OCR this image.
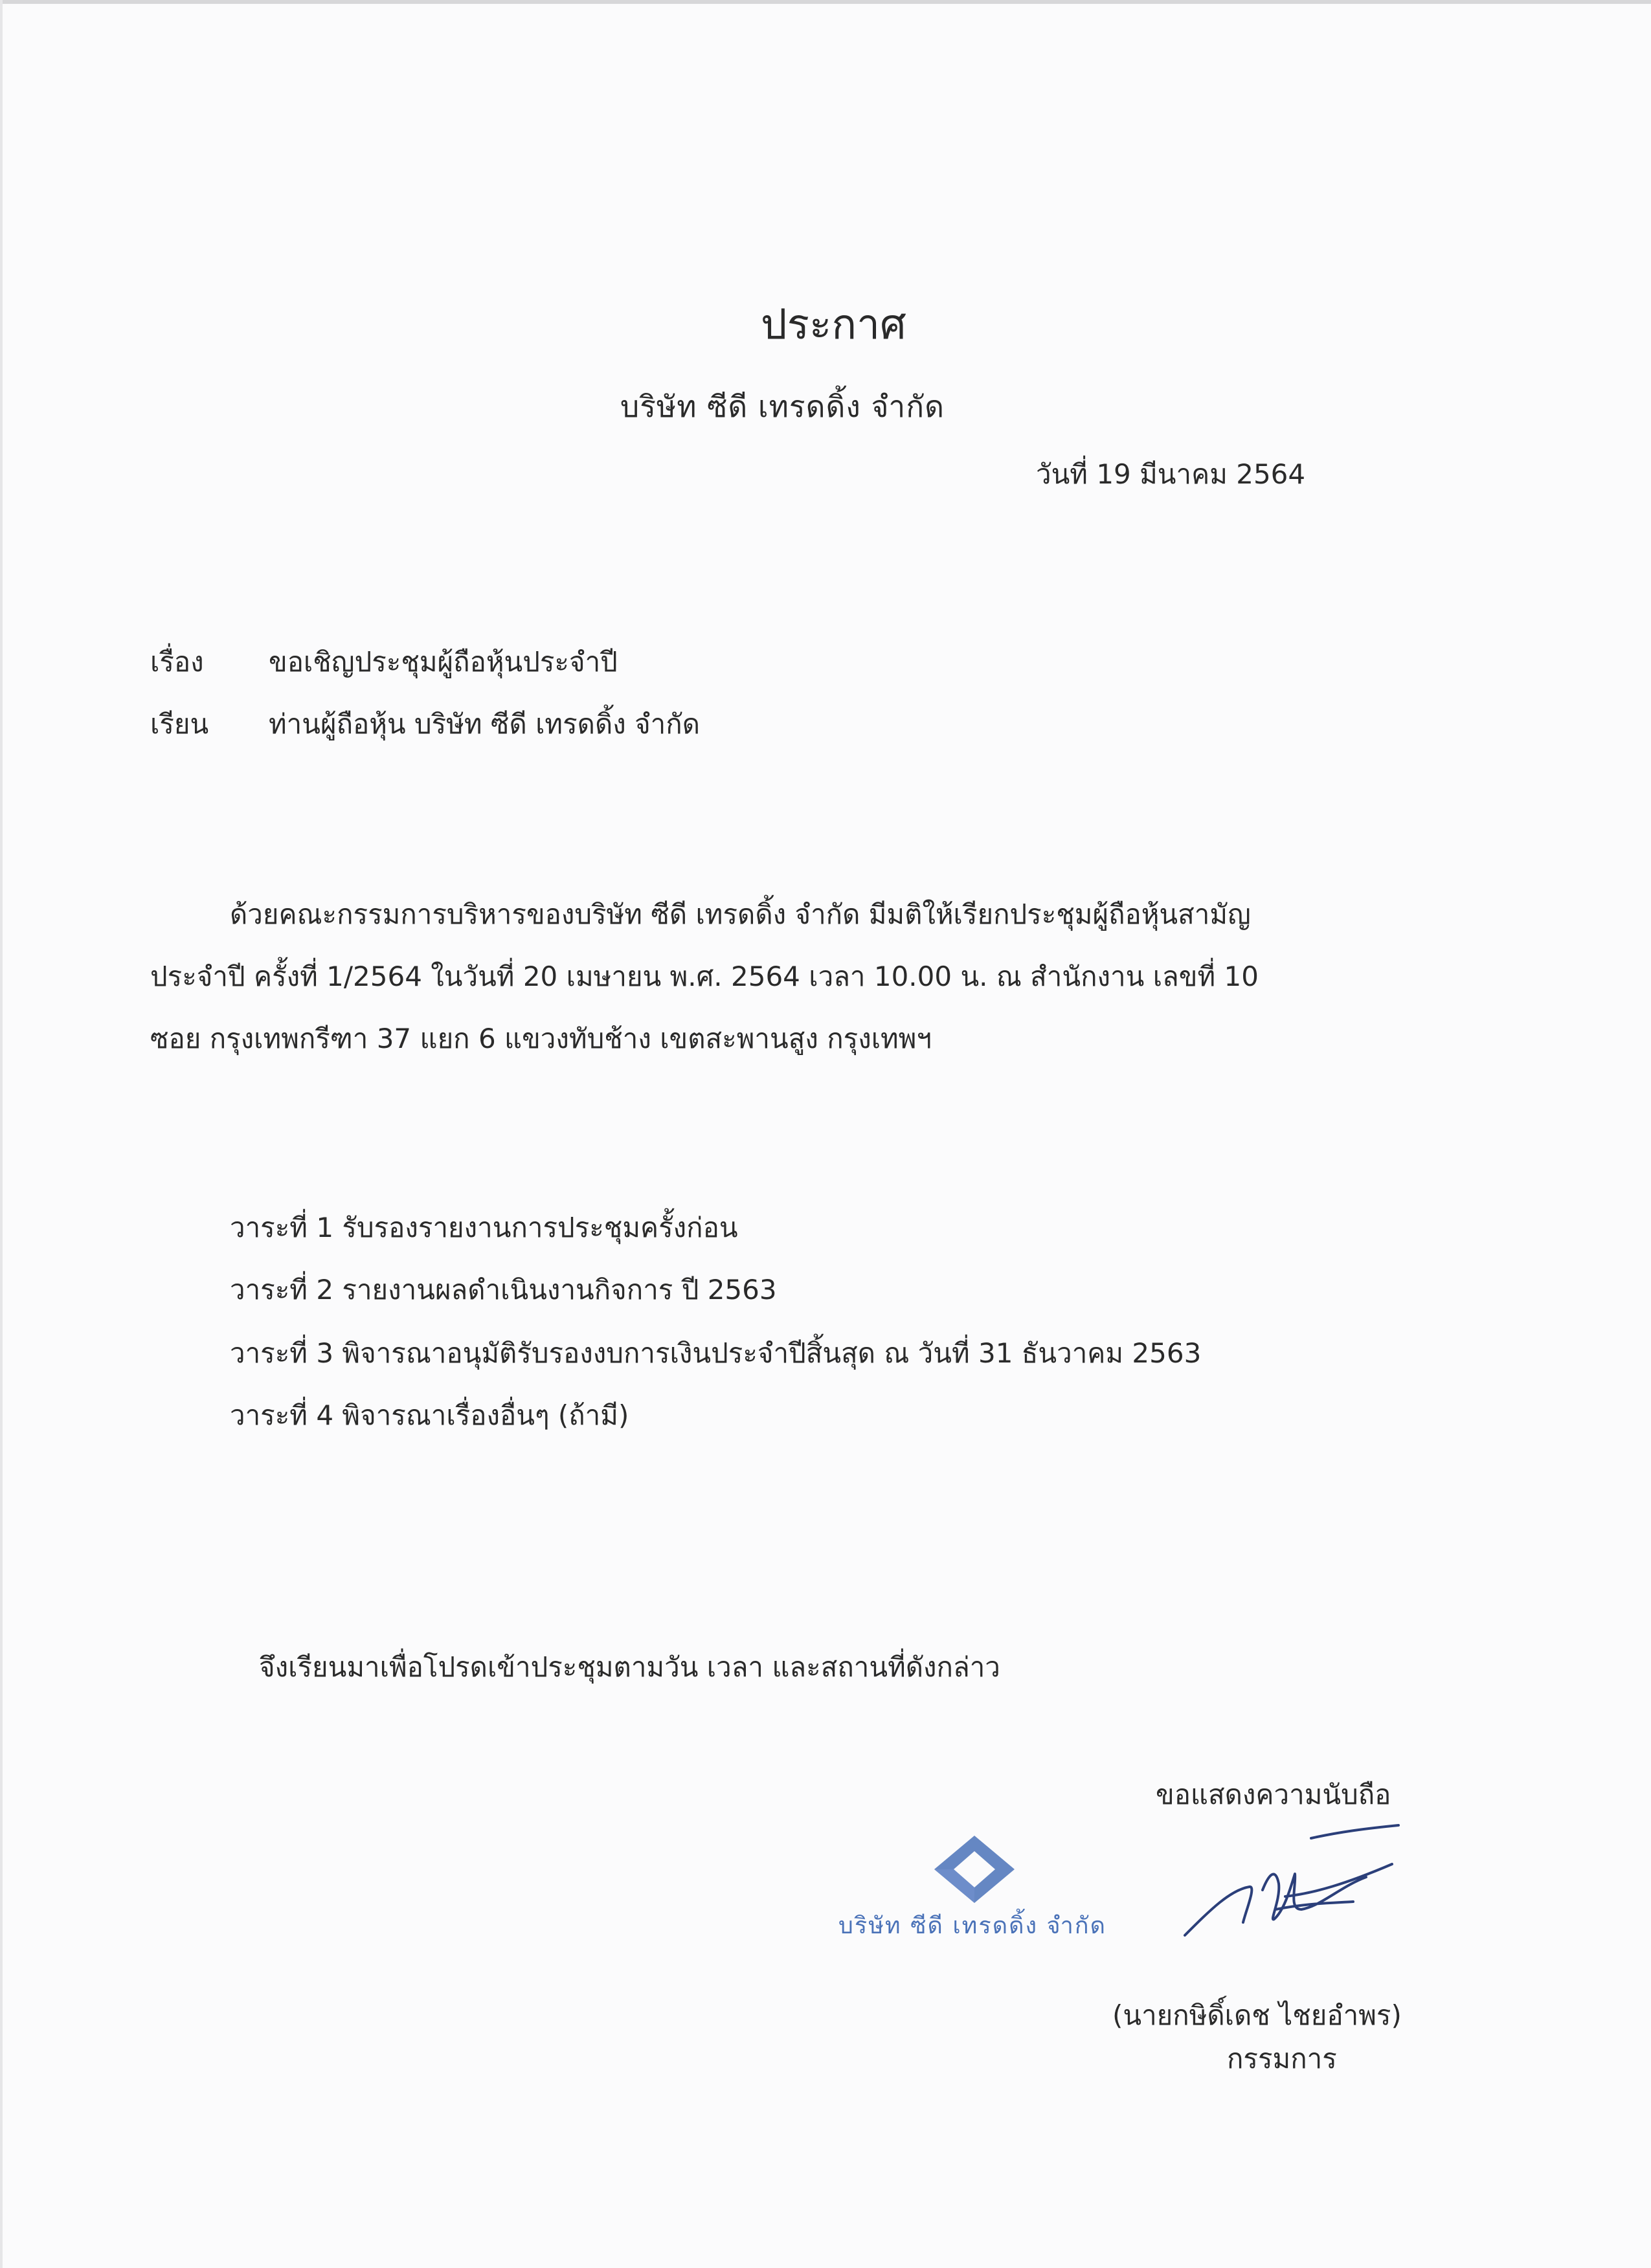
ประกาศ
บริษัท ซีดี เทรดดิ้ง จำกัด
วันที่ 19 มีนาคม 2564
เรื่อง ขอเชิญประชุมผู้ถือหุ้นประจำปี
เรียน ท่านผู้ถือหุ้น บริษัท ซีดี เทรดดิ้ง จำกัด
ด้วยคณะกรรมการบริหารของบริษัท ซีดี เทรดดิ้ง จำกัด มีมติให้เรียกประชุมผู้ถือหุ้นสามัญ
ประจำปี ครั้งที่ 1/2564 ในวันที่ 20 เมษายน พ.ศ. 2564 เวลา 10.00 น. ณ สำนักงาน เลขที่ 10
ซอย กรุงเทพกรีฑา 37 แยก 6 แขวงทับช้าง เขตสะพานสูง กรุงเทพฯ
วาระที่ 1 รับรองรายงานการประชุมครั้งก่อน
วาระที่ 2 รายงานผลดำเนินงานกิจการ ปี 2563
วาระที่ 3 พิจารณาอนุมัติรับรองงบการเงินประจำปีสิ้นสุด ณ วันที่ 31 ธันวาคม 2563
วาระที่ 4 พิจารณาเรื่องอื่นๆ (ถ้ามี)
จึงเรียนมาเพื่อโปรดเข้าประชุมตามวัน เวลา และสถานที่ดังกล่าว
ขอแสดงความนับถือ
บริษัท ซีดี เทรดดิ้ง จำกัด
(นายกษิดิ์เดช ไชยอำพร)
กรรมการ
